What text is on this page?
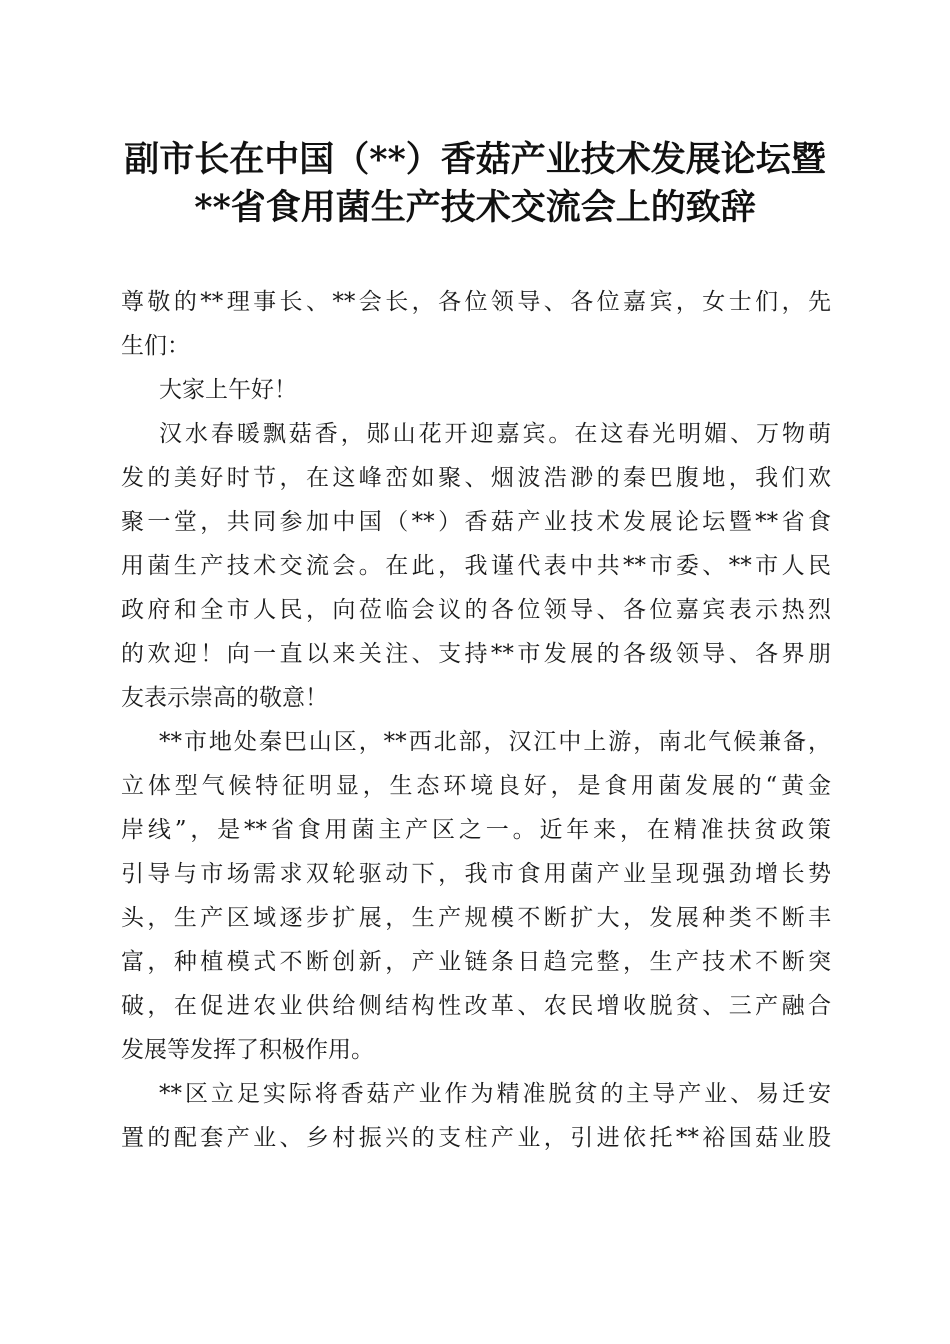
副市长在中国（**）香菇产业技术发展论坛暨
**省食用菌生产技术交流会上的致辞
尊敬的**理事长、**会长，各位领导、各位嘉宾，女士们，先
生们：
大家上午好！
汉水春暖飘菇香，郧山花开迎嘉宾。在这春光明媚、万物萌
发的美好时节，在这峰峦如聚、烟波浩渺的秦巴腹地，我们欢
聚一堂，共同参加中国（**）香菇产业技术发展论坛暨**省食
用菌生产技术交流会。在此，我谨代表中共**市委、**市人民
政府和全市人民，向莅临会议的各位领导、各位嘉宾表示热烈
的欢迎！向一直以来关注、支持**市发展的各级领导、各界朋
友表示崇高的敬意！
**市地处秦巴山区，**西北部，汉江中上游，南北气候兼备，
立体型气候特征明显，生态环境良好，是食用菌发展的“黄金
岸线”，是**省食用菌主产区之一。近年来，在精准扶贫政策
引导与市场需求双轮驱动下，我市食用菌产业呈现强劲增长势
头，生产区域逐步扩展，生产规模不断扩大，发展种类不断丰
富，种植模式不断创新，产业链条日趋完整，生产技术不断突
破，在促进农业供给侧结构性改革、农民增收脱贫、三产融合
发展等发挥了积极作用。
**区立足实际将香菇产业作为精准脱贫的主导产业、易迁安
置的配套产业、乡村振兴的支柱产业，引进依托**裕国菇业股
